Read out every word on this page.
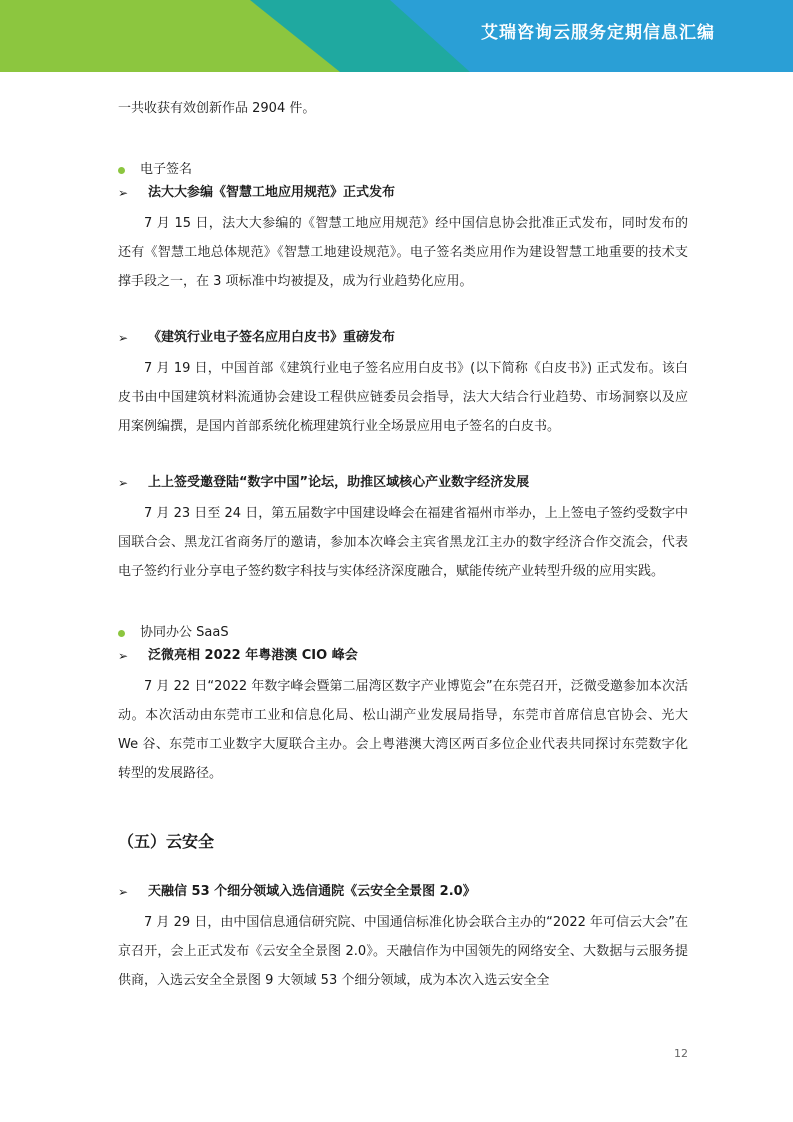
艾瑞咨询云服务定期信息汇编

一共收获有效创新作品 2904 件。

电子签名
➢	法大大参编《智慧工地应用规范》正式发布

7 月 15 日，法大大参编的《智慧工地应用规范》经中国信息协会批准正式发布，同时发布的还有《智慧工地总体规范》《智慧工地建设规范》。电子签名类应用作为建设智慧工地重要的技术支撑手段之一，在 3 项标准中均被提及，成为行业趋势化应用。

➢	《建筑行业电子签名应用白皮书》重磅发布

7 月 19 日，中国首部《建筑行业电子签名应用白皮书》(以下简称《白皮书》) 正式发布。该白皮书由中国建筑材料流通协会建设工程供应链委员会指导，法大大结合行业趋势、市场洞察以及应用案例编撰，是国内首部系统化梳理建筑行业全场景应用电子签名的白皮书。

➢	上上签受邀登陆“数字中国”论坛，助推区域核心产业数字经济发展

7 月 23 日至 24 日，第五届数字中国建设峰会在福建省福州市举办，上上签电子签约受数字中国联合会、黑龙江省商务厅的邀请，参加本次峰会主宾省黑龙江主办的数字经济合作交流会，代表电子签约行业分享电子签约数字科技与实体经济深度融合，赋能传统产业转型升级的应用实践。

协同办公 SaaS
➢	泛微亮相 2022 年粤港澳 CIO 峰会

7 月 22 日“2022 年数字峰会暨第二届湾区数字产业博览会”在东莞召开，泛微受邀参加本次活动。本次活动由东莞市工业和信息化局、松山湖产业发展局指导，东莞市首席信息官协会、光大 We 谷、东莞市工业数字大厦联合主办。会上粤港澳大湾区两百多位企业代表共同探讨东莞数字化转型的发展路径。

（五）云安全
➢	天融信 53 个细分领域入选信通院《云安全全景图 2.0》

7 月 29 日，由中国信息通信研究院、中国通信标准化协会联合主办的“2022 年可信云大会”在京召开，会上正式发布《云安全全景图 2.0》。天融信作为中国领先的网络安全、大数据与云服务提供商，入选云安全全景图 9 大领域 53 个细分领域，成为本次入选云安全全

12
